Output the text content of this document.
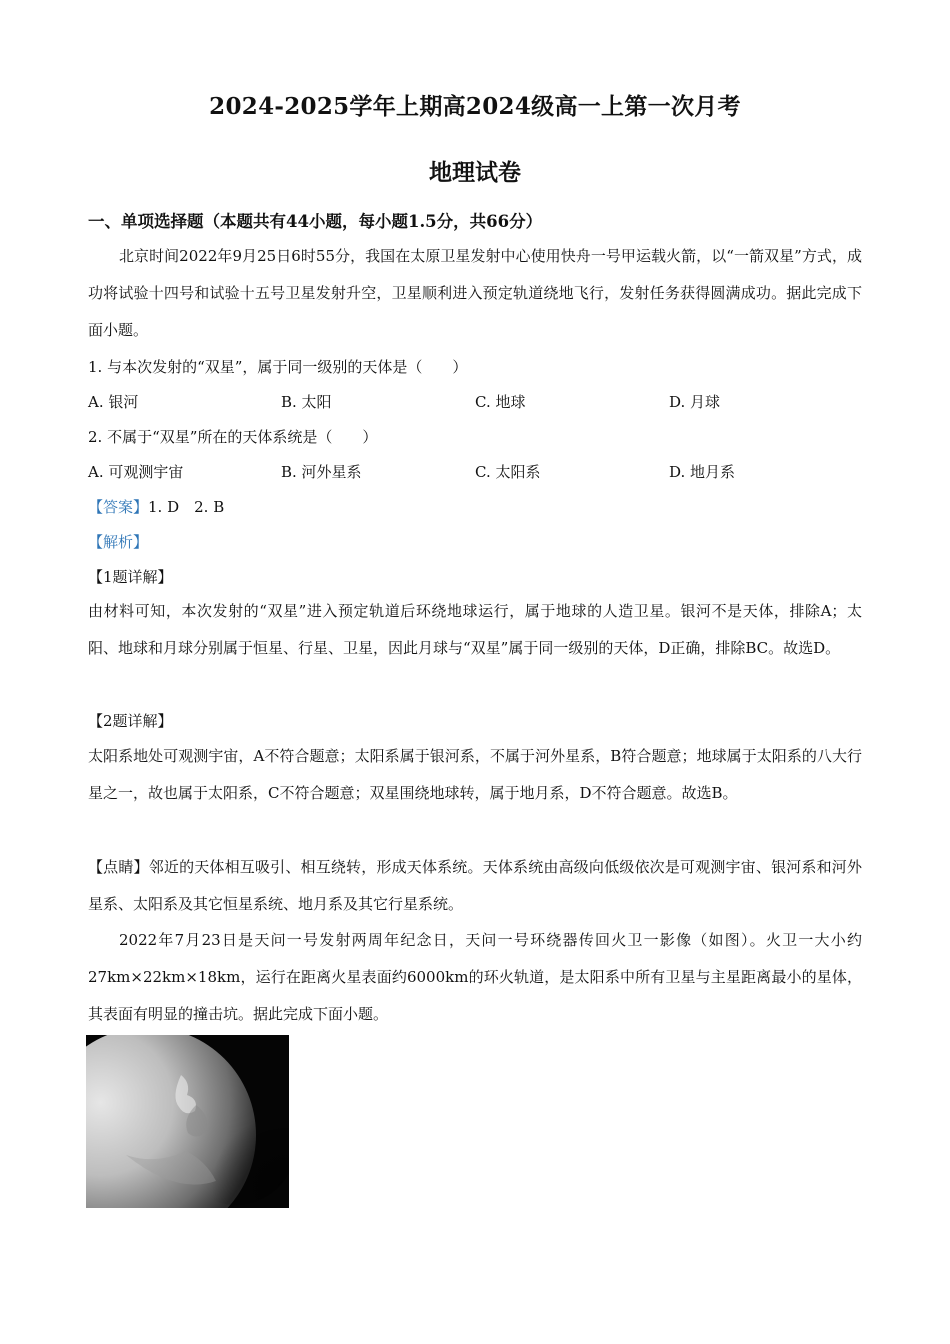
2024-2025学年上期高2024级高一上第一次月考
地理试卷
一、单项选择题（本题共有44小题，每小题1.5分，共66分）
北京时间2022年9月25日6时55分，我国在太原卫星发射中心使用快舟一号甲运载火箭，以“一箭双星”方式，成功将试验十四号和试验十五号卫星发射升空，卫星顺利进入预定轨道绕地飞行，发射任务获得圆满成功。据此完成下面小题。
1. 与本次发射的“双星”，属于同一级别的天体是（　　）
A. 银河	B. 太阳	C. 地球	D. 月球
2. 不属于“双星”所在的天体系统是（　　）
A. 可观测宇宙	B. 河外星系	C. 太阳系	D. 地月系
【答案】1. D　2. B
【解析】
【1题详解】
由材料可知，本次发射的“双星”进入预定轨道后环绕地球运行，属于地球的人造卫星。银河不是天体，排除A；太阳、地球和月球分别属于恒星、行星、卫星，因此月球与“双星”属于同一级别的天体，D正确，排除BC。故选D。
【2题详解】
太阳系地处可观测宇宙，A不符合题意；太阳系属于银河系，不属于河外星系，B符合题意；地球属于太阳系的八大行星之一，故也属于太阳系，C不符合题意；双星围绕地球转，属于地月系，D不符合题意。故选B。
【点睛】邻近的天体相互吸引、相互绕转，形成天体系统。天体系统由高级向低级依次是可观测宇宙、银河系和河外星系、太阳系及其它恒星系统、地月系及其它行星系统。
2022年7月23日是天问一号发射两周年纪念日，天问一号环绕器传回火卫一影像（如图）。火卫一大小约27km×22km×18km，运行在距离火星表面约6000km的环火轨道，是太阳系中所有卫星与主星距离最小的星体，其表面有明显的撞击坑。据此完成下面小题。
